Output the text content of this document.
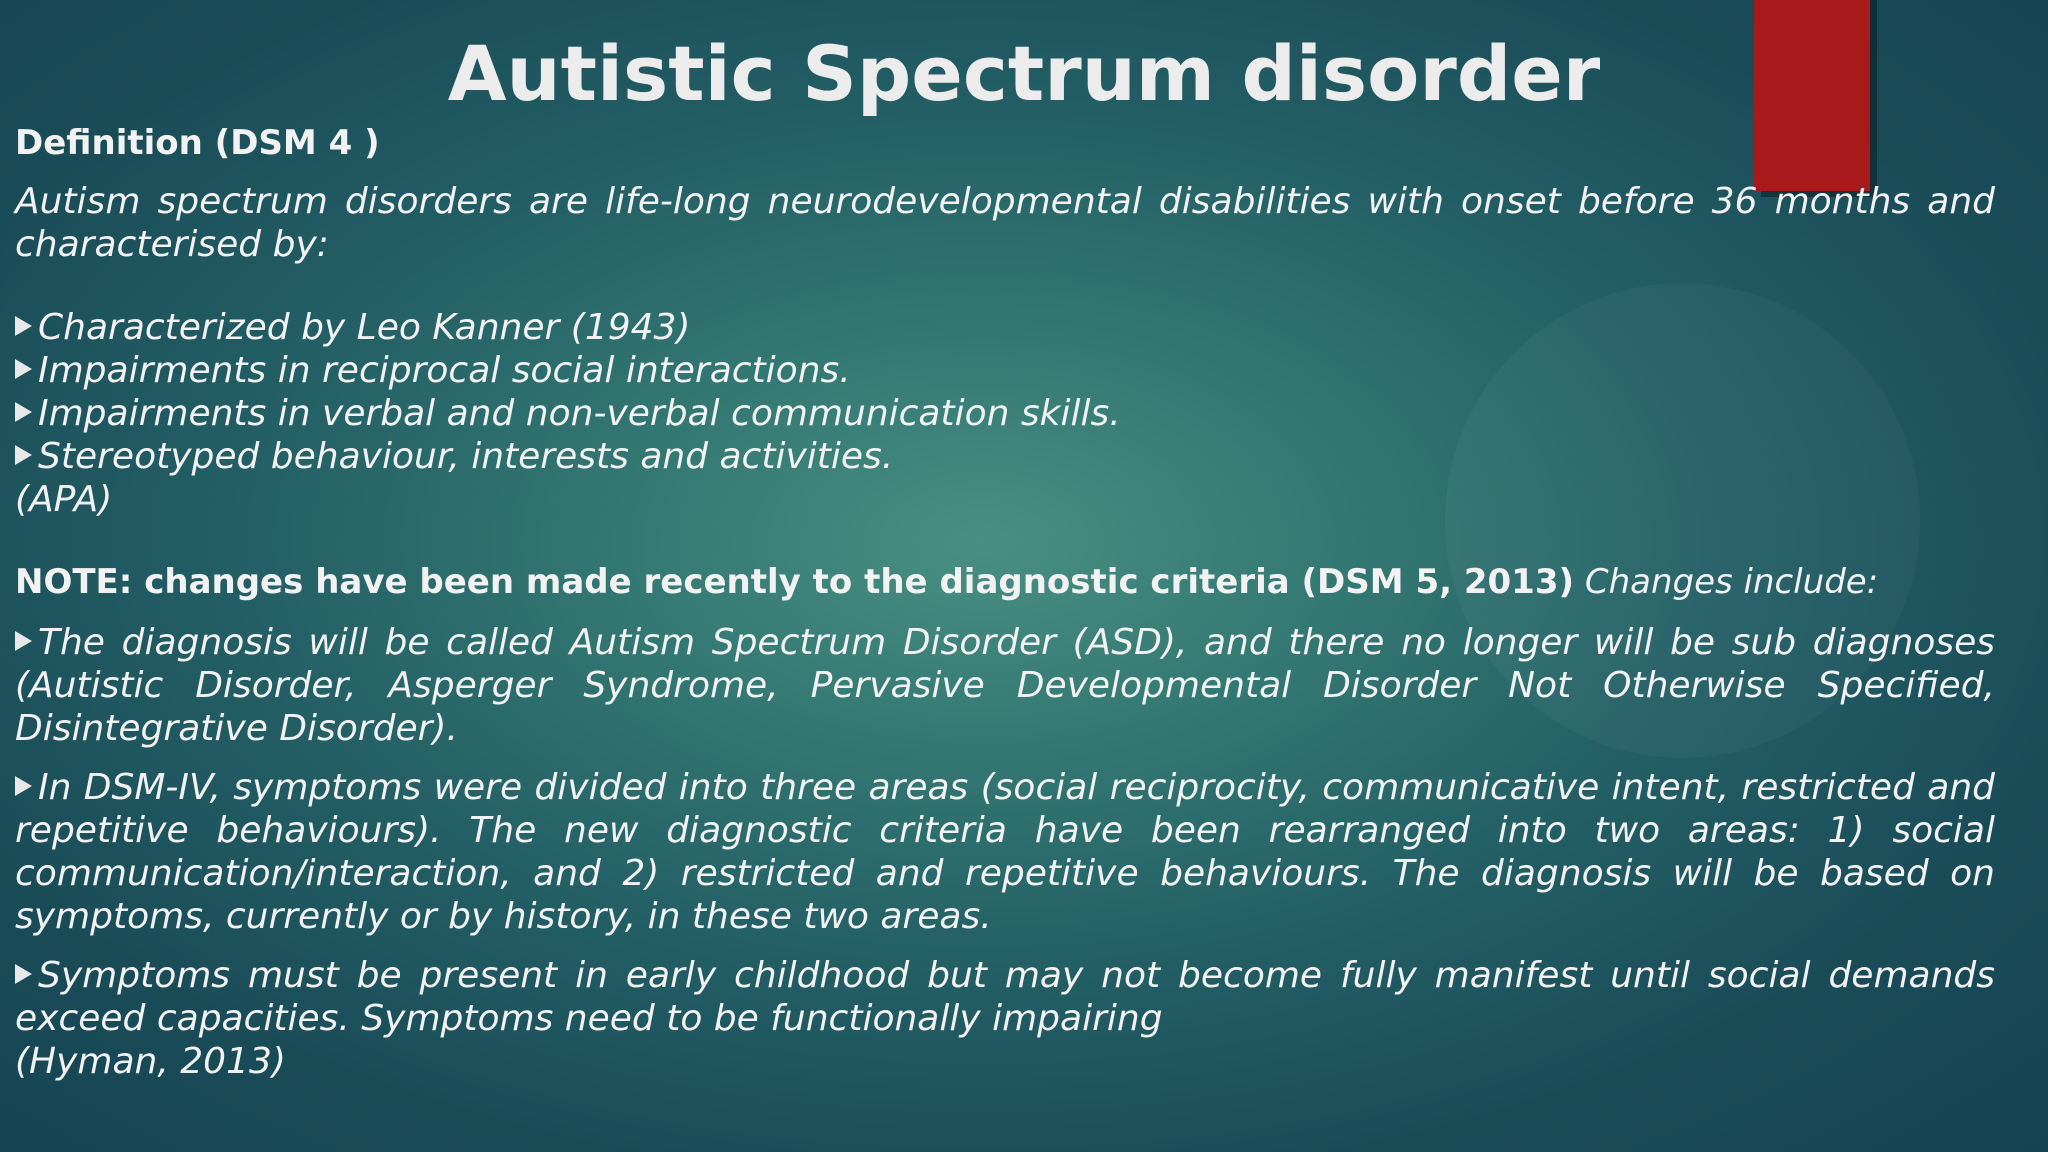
Autistic Spectrum disorder
Definition (DSM 4 )
Autism spectrum disorders are life-long neurodevelopmental disabilities with onset before 36 months and characterised by:
Characterized by Leo Kanner (1943)
Impairments in reciprocal social interactions.
Impairments in verbal and non-verbal communication skills.
Stereotyped behaviour, interests and activities.
(APA)
NOTE: changes have been made recently to the diagnostic criteria (DSM 5, 2013) Changes include:
The diagnosis will be called Autism Spectrum Disorder (ASD), and there no longer will be sub diagnoses (Autistic Disorder, Asperger Syndrome, Pervasive Developmental Disorder Not Otherwise Specified, Disintegrative Disorder).
In DSM-IV, symptoms were divided into three areas (social reciprocity, communicative intent, restricted and repetitive behaviours). The new diagnostic criteria have been rearranged into two areas: 1) social communication/interaction, and 2) restricted and repetitive behaviours. The diagnosis will be based on symptoms, currently or by history, in these two areas.
Symptoms must be present in early childhood but may not become fully manifest until social demands exceed capacities. Symptoms need to be functionally impairing
(Hyman, 2013)
